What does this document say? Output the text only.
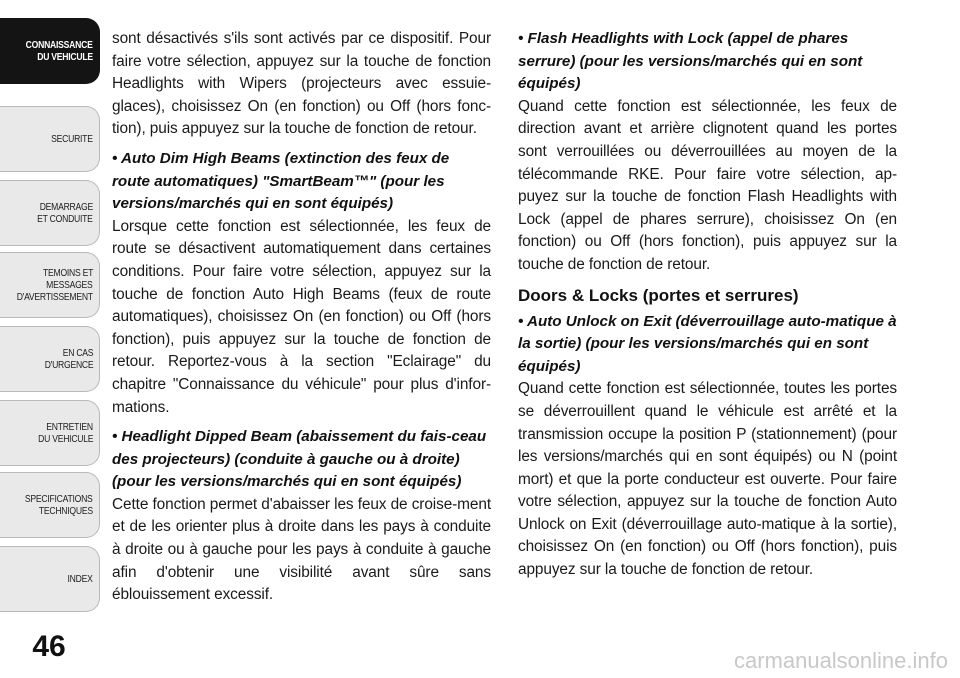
CONNAISSANCE
DU VEHICULE
SECURITE
DEMARRAGE
ET CONDUITE
TEMOINS ET
MESSAGES
D'AVERTISSEMENT
EN CAS
D'URGENCE
ENTRETIEN
DU VEHICULE
SPECIFICATIONS
TECHNIQUES
INDEX
46

sont désactivés s'ils sont activés par ce dispositif. Pour faire votre sélection, appuyez sur la touche de fonction Headlights with Wipers (projecteurs avec essuie-glaces), choisissez On (en fonction) ou Off (hors fonc-tion), puis appuyez sur la touche de fonction de retour.

• Auto Dim High Beams (extinction des feux de route automatiques) "SmartBeam™" (pour les versions/marchés qui en sont équipés)

Lorsque cette fonction est sélectionnée, les feux de route se désactivent automatiquement dans certaines conditions. Pour faire votre sélection, appuyez sur la touche de fonction Auto High Beams (feux de route automatiques), choisissez On (en fonction) ou Off (hors fonction), puis appuyez sur la touche de fonction de retour. Reportez-vous à la section "Eclairage" du chapitre "Connaissance du véhicule" pour plus d'infor-mations.

• Headlight Dipped Beam (abaissement du fais-ceau des projecteurs) (conduite à gauche ou à droite) (pour les versions/marchés qui en sont équipés)

Cette fonction permet d'abaisser les feux de croise-ment et de les orienter plus à droite dans les pays à conduite à droite ou à gauche pour les pays à conduite à gauche afin d'obtenir une visibilité avant sûre sans éblouissement excessif.

• Flash Headlights with Lock (appel de phares serrure) (pour les versions/marchés qui en sont équipés)

Quand cette fonction est sélectionnée, les feux de direction avant et arrière clignotent quand les portes sont verrouillées ou déverrouillées au moyen de la télécommande RKE. Pour faire votre sélection, ap-puyez sur la touche de fonction Flash Headlights with Lock (appel de phares serrure), choisissez On (en fonction) ou Off (hors fonction), puis appuyez sur la touche de fonction de retour.

Doors & Locks (portes et serrures)

• Auto Unlock on Exit (déverrouillage auto-matique à la sortie) (pour les versions/marchés qui en sont équipés)

Quand cette fonction est sélectionnée, toutes les portes se déverrouillent quand le véhicule est arrêté et la transmission occupe la position P (stationnement) (pour les versions/marchés qui en sont équipés) ou N (point mort) et que la porte conducteur est ouverte. Pour faire votre sélection, appuyez sur la touche de fonction Auto Unlock on Exit (déverrouillage auto-matique à la sortie), choisissez On (en fonction) ou Off (hors fonction), puis appuyez sur la touche de fonction de retour.

carmanualsonline.info
